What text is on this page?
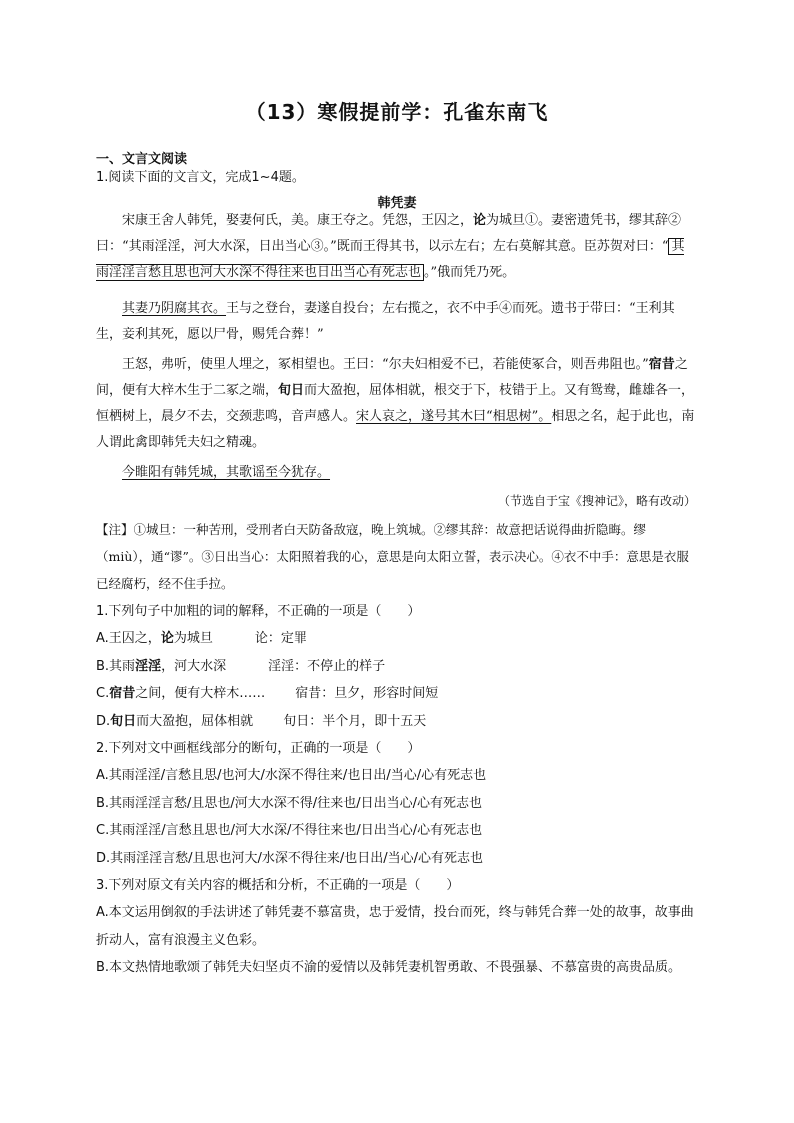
（13）寒假提前学：孔雀东南飞
一、文言文阅读
1.阅读下面的文言文，完成1~4题。
韩凭妻
宋康王舍人韩凭，娶妻何氏，美。康王夺之。凭怨，王囚之，论为城旦①。妻密遗凭书，缪其辞②曰：“其雨淫淫，河大水深，日出当心③。”既而王得其书，以示左右；左右莫解其意。臣苏贺对曰：“ 其雨淫淫言愁且思也河大水深不得往来也日出当心有死志也 。”俄而凭乃死。
其妻乃阴腐其衣。王与之登台，妻遂自投台；左右揽之，衣不中手④而死。遗书于带曰：“王利其生，妾利其死，愿以尸骨，赐凭合葬！”
王怒，弗听，使里人埋之，冢相望也。王曰：“尔夫妇相爱不已，若能使冢合，则吾弗阻也。”宿昔之间，便有大梓木生于二冢之端，旬日而大盈抱，屈体相就，根交于下，枝错于上。又有鸳鸯，雌雄各一，恒栖树上，晨夕不去，交颈悲鸣，音声感人。宋人哀之，遂号其木曰“相思树”。相思之名，起于此也，南人谓此禽即韩凭夫妇之精魂。
今睢阳有韩凭城，其歌谣至今犹存。
（节选自于宝《搜神记》，略有改动）
【注】①城旦：一种苦刑，受刑者白天防备敌寇，晚上筑城。②缪其辞：故意把话说得曲折隐晦。缪（miù），通“谬”。③日出当心：太阳照着我的心，意思是向太阳立誓，表示决心。④衣不中手：意思是衣服已经腐朽，经不住手拉。
1.下列句子中加粗的词的解释，不正确的一项是（　　）
A.王囚之，论为城旦	论：定罪
B.其雨淫淫，河大水深	淫淫：不停止的样子
C.宿昔之间，便有大梓木…… 宿昔：旦夕，形容时间短
D.旬日而大盈抱，屈体相就 旬日：半个月，即十五天
2.下列对文中画框线部分的断句，正确的一项是（　　）
A.其雨淫淫/言愁且思/也河大/水深不得往来/也日出/当心/心有死志也
B.其雨淫淫言愁/且思也/河大水深不得/往来也/日出当心/心有死志也
C.其雨淫淫/言愁且思也/河大水深/不得往来也/日出当心/心有死志也
D.其雨淫淫言愁/且思也河大/水深不得往来/也日出/当心/心有死志也
3.下列对原文有关内容的概括和分析，不正确的一项是（　　）
A.本文运用倒叙的手法讲述了韩凭妻不慕富贵，忠于爱情，投台而死，终与韩凭合葬一处的故事，故事曲折动人，富有浪漫主义色彩。
B.本文热情地歌颂了韩凭夫妇坚贞不渝的爱情以及韩凭妻机智勇敢、不畏强暴、不慕富贵的高贵品质。
